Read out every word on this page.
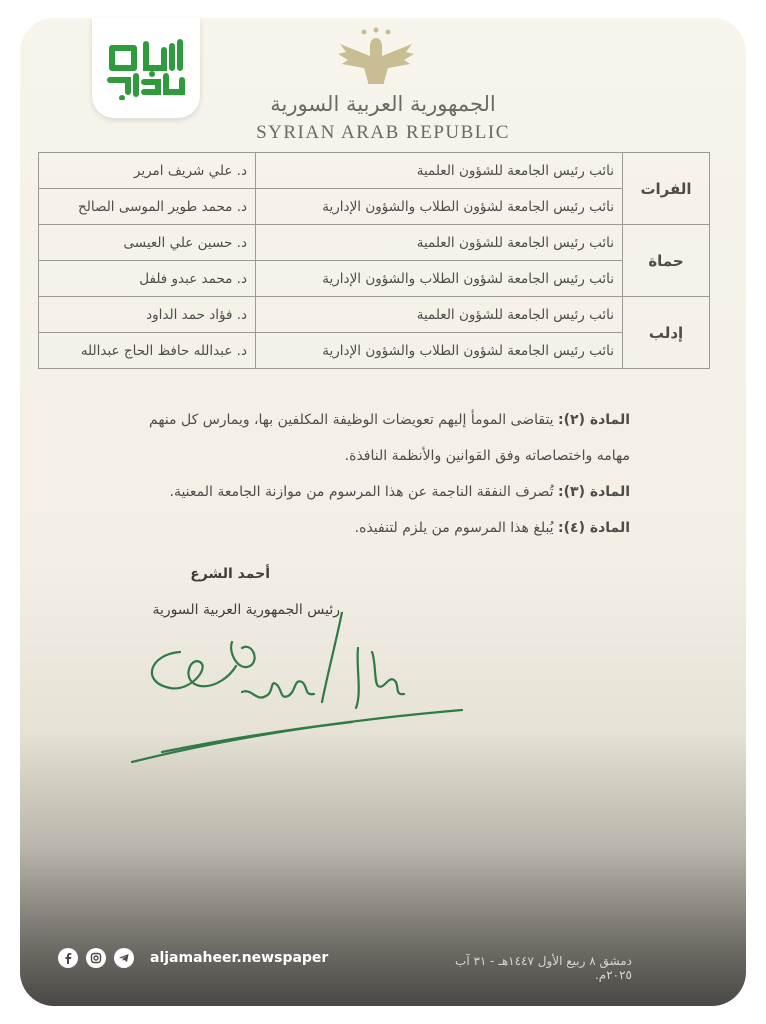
الجمهورية العربية السورية
SYRIAN ARAB REPUBLIC
الفرات	نائب رئيس الجامعة للشؤون العلمية	د. علي شريف امرير
	نائب رئيس الجامعة لشؤون الطلاب والشؤون الإدارية	د. محمد طوير الموسى الصالح
حماة	نائب رئيس الجامعة للشؤون العلمية	د. حسين علي العيسى
	نائب رئيس الجامعة لشؤون الطلاب والشؤون الإدارية	د. محمد عبدو فلفل
إدلب	نائب رئيس الجامعة للشؤون العلمية	د. فؤاد حمد الداود
	نائب رئيس الجامعة لشؤون الطلاب والشؤون الإدارية	د. عبدالله حافظ الحاج عبدالله
المادة (٢): يتقاضى المومأ إليهم تعويضات الوظيفة المكلفين بها، ويمارس كل منهم مهامه واختصاصاته وفق القوانين والأنظمة النافذة.
المادة (٣): تُصرف النفقة الناجمة عن هذا المرسوم من موازنة الجامعة المعنية.
المادة (٤): يُبلغ هذا المرسوم من يلزم لتنفيذه.
أحمد الشرع
رئيس الجمهورية العربية السورية
aljamaheer.newspaper	دمشق ٨ ربيع الأول ١٤٤٧هـ - ٣١ آب ٢٠٢٥م.
